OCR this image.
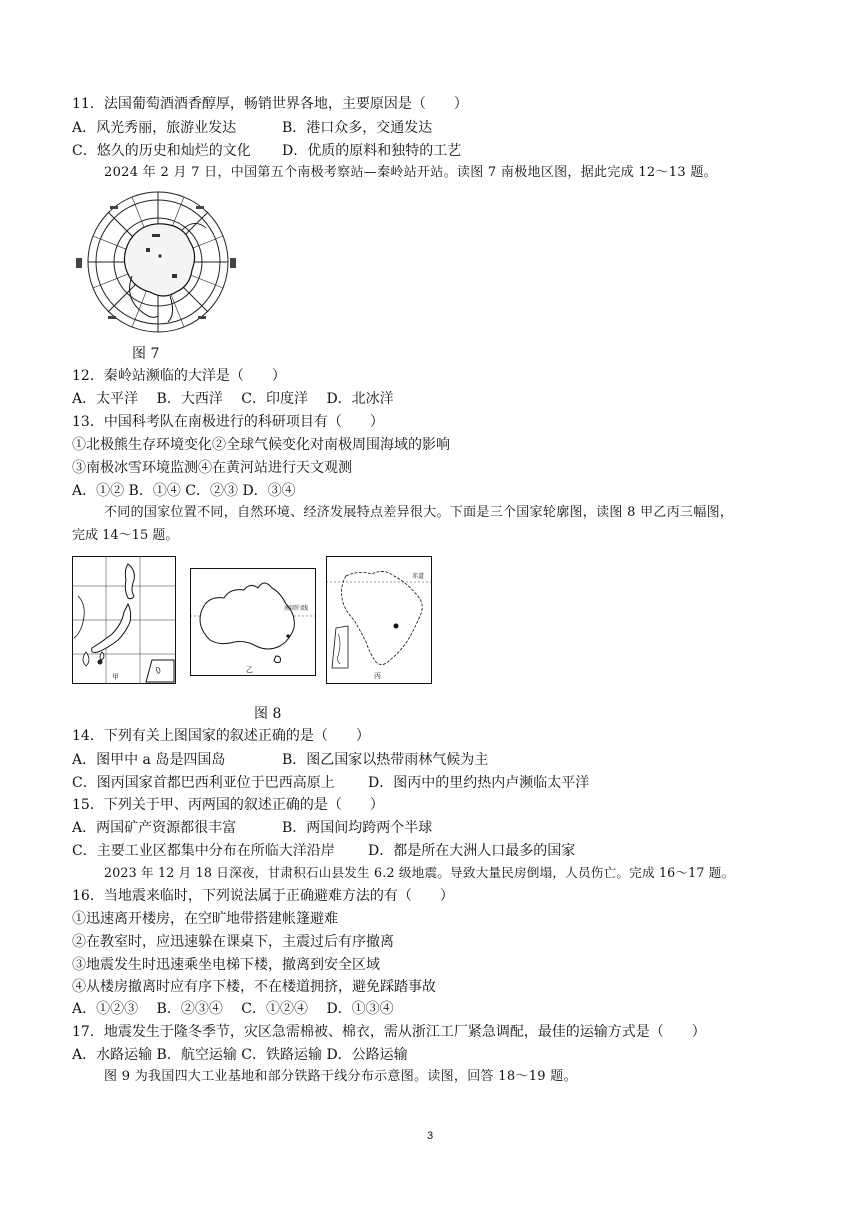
11．法国葡萄酒酒香醇厚，畅销世界各地，主要原因是（　　）
A．风光秀丽，旅游业发达	B．港口众多，交通发达
C．悠久的历史和灿烂的文化 D．优质的原料和独特的工艺
2024 年 2 月 7 日，中国第五个南极考察站—秦岭站开站。读图 7 南极地区图，据此完成 12～13 题。
图 7
12．秦岭站濒临的大洋是（　　）
A．太平洋　 B．大西洋　 C．印度洋　 D．北冰洋
13．中国科考队在南极进行的科研项目有（　　）
①北极熊生存环境变化②全球气候变化对南极周围海域的影响
③南极冰雪环境监测④在黄河站进行天文观测
A．①② B．①④ C．②③ D．③④
不同的国家位置不同，自然环境、经济发展特点差异很大。下面是三个国家轮廓图，读图 8 甲乙丙三幅图，
完成 14～15 题。
甲
南回归线
乙
赤道
丙
图 8
14．下列有关上图国家的叙述正确的是（　　）
A．图甲中 a 岛是四国岛	B．图乙国家以热带雨林气候为主
C．图丙国家首都巴西利亚位于巴西高原上 D．图丙中的里约热内卢濒临太平洋
15．下列关于甲、丙两国的叙述正确的是（　　）
A．两国矿产资源都很丰富	B．两国间均跨两个半球
C．主要工业区都集中分布在所临大洋沿岸 D．都是所在大洲人口最多的国家
2023 年 12 月 18 日深夜，甘肃积石山县发生 6.2 级地震。导致大量民房倒塌，人员伤亡。完成 16～17 题。
16．当地震来临时，下列说法属于正确避难方法的有（　　）
①迅速离开楼房，在空旷地带搭建帐篷避难
②在教室时，应迅速躲在课桌下，主震过后有序撤离
③地震发生时迅速乘坐电梯下楼，撤离到安全区域
④从楼房撤离时应有序下楼，不在楼道拥挤，避免踩踏事故
A．①②③　 B．②③④　 C．①②④　 D．①③④
17．地震发生于隆冬季节，灾区急需棉被、棉衣，需从浙江工厂紧急调配，最佳的运输方式是（　　）
A．水路运输 B．航空运输 C．铁路运输 D．公路运输
图 9 为我国四大工业基地和部分铁路干线分布示意图。读图，回答 18～19 题。
3
